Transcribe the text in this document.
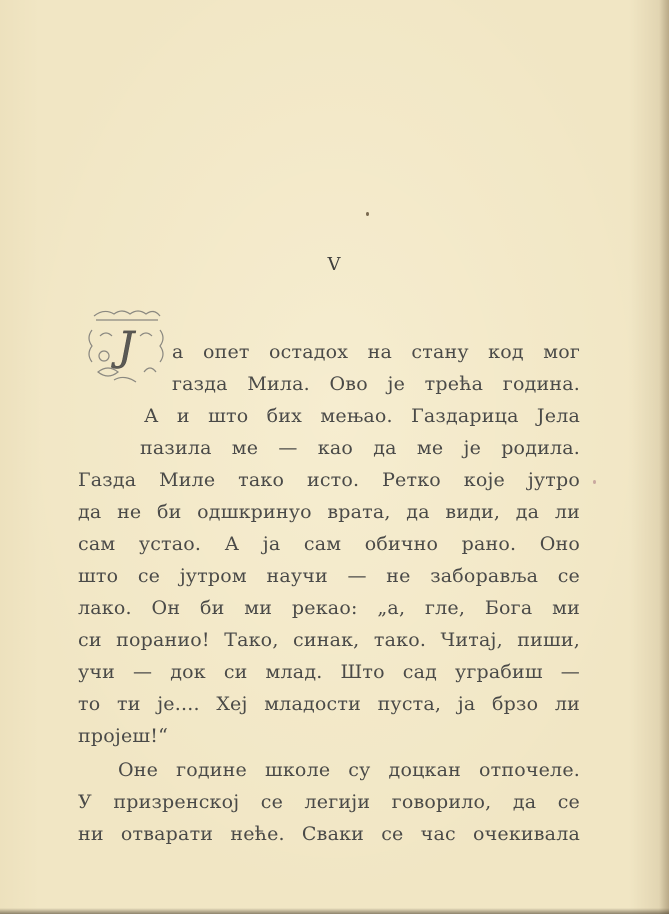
V
J а опет остадох на стану код мог
газда Мила. Ово је трећа година.
А и што бих мењао. Газдарица Јела
пазила ме — као да ме је родила.
Газда Миле тако исто. Ретко које јутро
да не би одшкринуо врата, да види, да ли
сам устао. А ја сам обично рано. Оно
што се јутром научи — не заборавља се
лако. Он би ми рекао: „а, гле, Бога ми
си поранио! Тако, синак, тако. Читај, пиши,
учи — док си млад. Што сад уграбиш —
то ти је.... Хеј младости пуста, ја брзо ли
пројеш!“
Оне године школе су доцкан отпочеле.
У призренској се легији говорило, да се
ни отварати неће. Сваки се час очекивала
